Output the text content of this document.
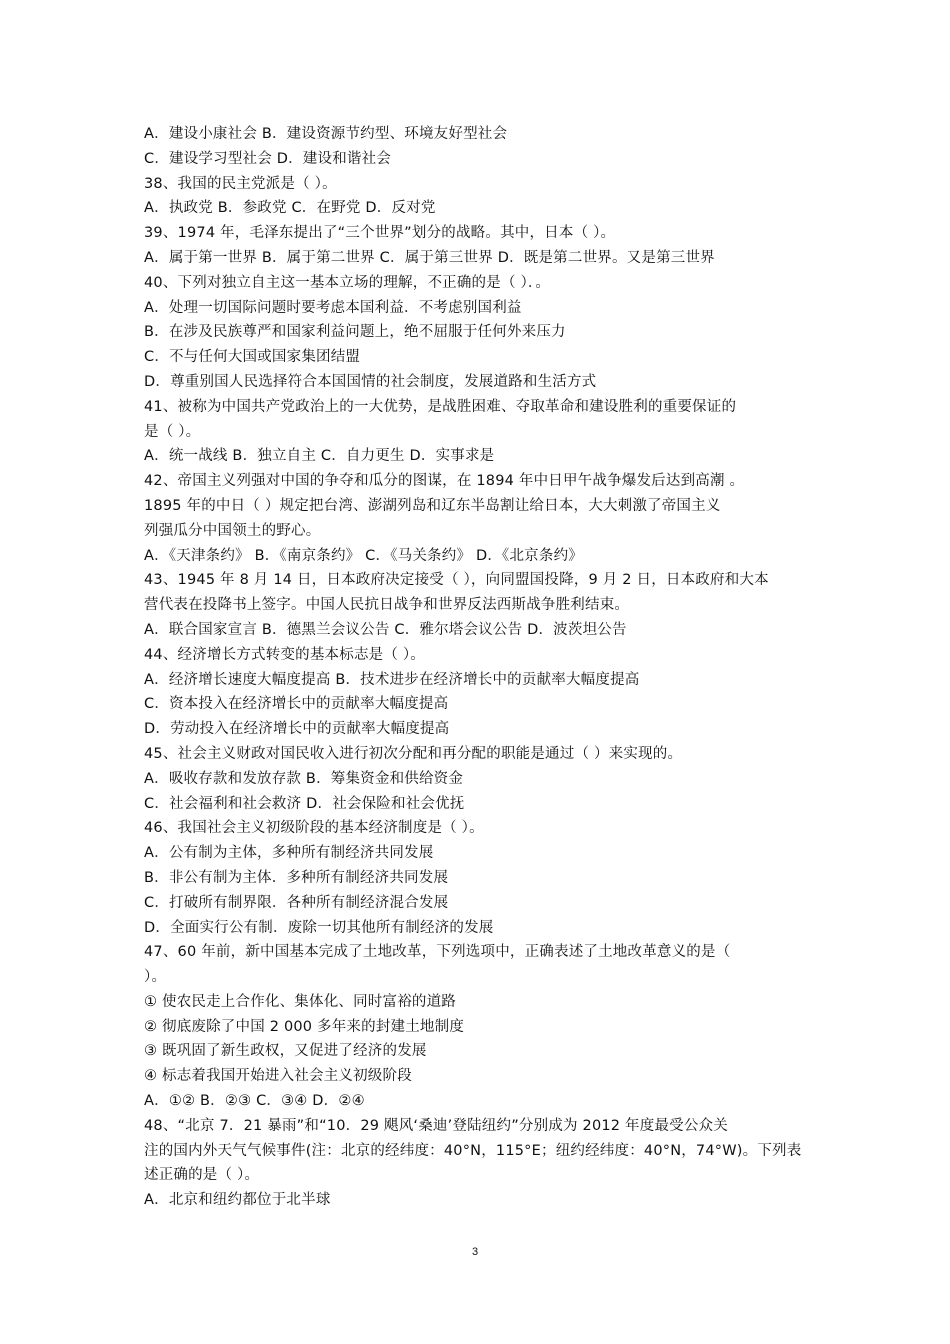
A．建设小康社会 B．建设资源节约型、环境友好型社会
C．建设学习型社会 D．建设和谐社会
38、我国的民主党派是（ ）。
A．执政党 B．参政党 C．在野党 D．反对党
39、1974 年，毛泽东提出了“三个世界”划分的战略。其中，日本（ ）。
A．属于第一世界 B．属于第二世界 C．属于第三世界 D．既是第二世界。又是第三世界
40、下列对独立自主这一基本立场的理解，不正确的是（ ）．。
A．处理一切国际问题时要考虑本国利益．不考虑别国利益
B．在涉及民族尊严和国家利益问题上，绝不屈服于任何外来压力
C．不与任何大国或国家集团结盟
D．尊重别国人民选择符合本国国情的社会制度，发展道路和生活方式
41、被称为中国共产党政治上的一大优势，是战胜困难、夺取革命和建设胜利的重要保证的
是（ ）。
A．统一战线 B．独立自主 C．自力更生 D．实事求是
42、帝国主义列强对中国的争夺和瓜分的图谋，在 1894 年中日甲午战争爆发后达到高潮 。
1895 年的中日（ ）规定把台湾、澎湖列岛和辽东半岛割让给日本，大大刺激了帝国主义
列强瓜分中国领土的野心。
A．《天津条约》 B．《南京条约》 C．《马关条约》 D．《北京条约》
43、1945 年 8 月 14 日，日本政府决定接受（ ），向同盟国投降，9 月 2 日，日本政府和大本
营代表在投降书上签字。中国人民抗日战争和世界反法西斯战争胜利结束。
A．联合国家宣言 B．德黑兰会议公告 C．雅尔塔会议公告 D．波茨坦公告
44、经济增长方式转变的基本标志是（ ）。
A．经济增长速度大幅度提高 B．技术进步在经济增长中的贡献率大幅度提高
C．资本投入在经济增长中的贡献率大幅度提高
D．劳动投入在经济增长中的贡献率大幅度提高
45、社会主义财政对国民收入进行初次分配和再分配的职能是通过（ ）来实现的。
A．吸收存款和发放存款 B．筹集资金和供给资金
C．社会福利和社会救济 D．社会保险和社会优抚
46、我国社会主义初级阶段的基本经济制度是（ ）。
A．公有制为主体，多种所有制经济共同发展
B．非公有制为主体．多种所有制经济共同发展
C．打破所有制界限．各种所有制经济混合发展
D．全面实行公有制．废除一切其他所有制经济的发展
47、60 年前，新中国基本完成了土地改革，下列选项中，正确表述了土地改革意义的是（
）。
① 使农民走上合作化、集体化、同时富裕的道路
② 彻底废除了中国 2 000 多年来的封建土地制度
③ 既巩固了新生政权，又促进了经济的发展
④ 标志着我国开始进入社会主义初级阶段
A．①② B．②③ C．③④ D．②④
48、“北京 7．21 暴雨”和“10．29 飓风‘桑迪’登陆纽约”分别成为 2012 年度最受公众关
注的国内外天气气候事件(注：北京的经纬度：40°N，115°E；纽约经纬度：40°N，74°W)。下列表
述正确的是（ ）。
A．北京和纽约都位于北半球
3
